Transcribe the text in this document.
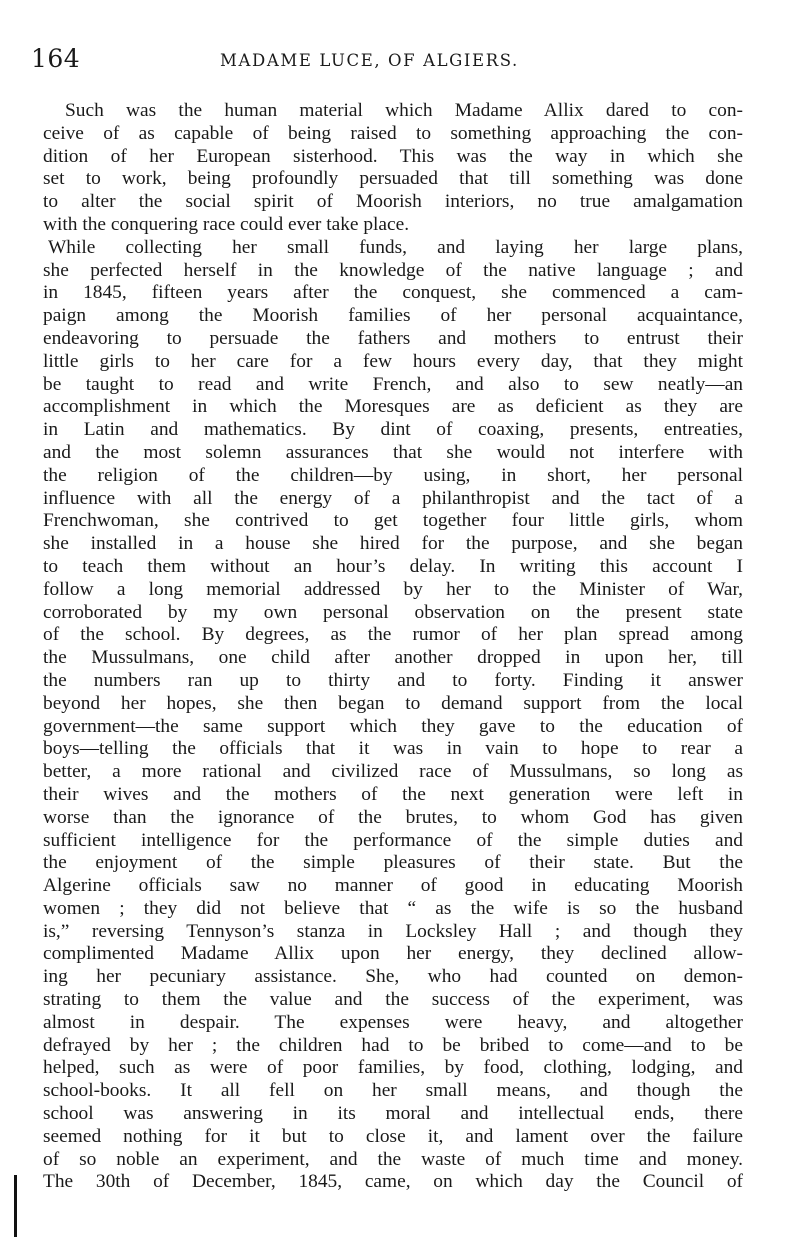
164	MADAME LUCE, OF ALGIERS.
Such was the human material which Madame Allix dared to con-
ceive of as capable of being raised to something approaching the con-
dition of her European sisterhood. This was the way in which she
set to work, being profoundly persuaded that till something was done
to alter the social spirit of Moorish interiors, no true amalgamation
with the conquering race could ever take place.
While collecting her small funds, and laying her large plans,
she perfected herself in the knowledge of the native language ; and
in 1845, fifteen years after the conquest, she commenced a cam-
paign among the Moorish families of her personal acquaintance,
endeavoring to persuade the fathers and mothers to entrust their
little girls to her care for a few hours every day, that they might
be taught to read and write French, and also to sew neatly—an
accomplishment in which the Moresques are as deficient as they are
in Latin and mathematics. By dint of coaxing, presents, entreaties,
and the most solemn assurances that she would not interfere with
the religion of the children—by using, in short, her personal
influence with all the energy of a philanthropist and the tact of a
Frenchwoman, she contrived to get together four little girls, whom
she installed in a house she hired for the purpose, and she began
to teach them without an hour’s delay. In writing this account I
follow a long memorial addressed by her to the Minister of War,
corroborated by my own personal observation on the present state
of the school. By degrees, as the rumor of her plan spread among
the Mussulmans, one child after another dropped in upon her, till
the numbers ran up to thirty and to forty. Finding it answer
beyond her hopes, she then began to demand support from the local
government—the same support which they gave to the education of
boys—telling the officials that it was in vain to hope to rear a
better, a more rational and civilized race of Mussulmans, so long as
their wives and the mothers of the next generation were left in
worse than the ignorance of the brutes, to whom God has given
sufficient intelligence for the performance of the simple duties and
the enjoyment of the simple pleasures of their state. But the
Algerine officials saw no manner of good in educating Moorish
women ; they did not believe that “ as the wife is so the husband
is,” reversing Tennyson’s stanza in Locksley Hall ; and though they
complimented Madame Allix upon her energy, they declined allow-
ing her pecuniary assistance. She, who had counted on demon-
strating to them the value and the success of the experiment, was
almost in despair. The expenses were heavy, and altogether
defrayed by her ; the children had to be bribed to come—and to be
helped, such as were of poor families, by food, clothing, lodging, and
school-books. It all fell on her small means, and though the
school was answering in its moral and intellectual ends, there
seemed nothing for it but to close it, and lament over the failure
of so noble an experiment, and the waste of much time and money.
The 30th of December, 1845, came, on which day the Council of
